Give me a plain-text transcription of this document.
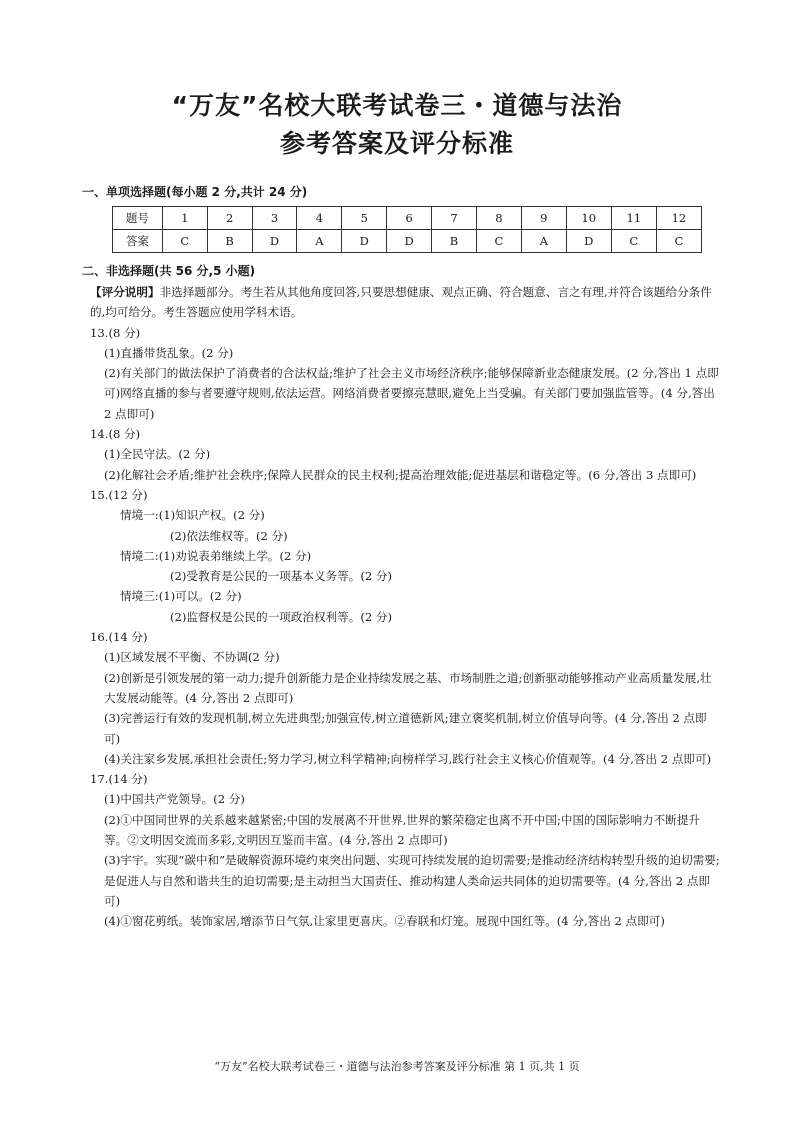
“万友”名校大联考试卷三・道德与法治
参考答案及评分标准
一、单项选择题(每小题 2 分,共计 24 分)
题号	1	2	3	4	5	6	7	8	9	10	11	12
答案	C	B	D	A	D	D	B	C	A	D	C	C
二、非选择题(共 56 分,5 小题)

【评分说明】非选择题部分。考生若从其他角度回答,只要思想健康、观点正确、符合题意、言之有理,并符合该题给分条件的,均可给分。考生答题应使用学科术语。

13.(8 分)

(1)直播带货乱象。(2 分)

(2)有关部门的做法保护了消费者的合法权益;维护了社会主义市场经济秩序;能够保障新业态健康发展。(2 分,答出 1 点即可)网络直播的参与者要遵守规则,依法运营。网络消费者要擦亮慧眼,避免上当受骗。有关部门要加强监管等。(4 分,答出 2 点即可)

14.(8 分)

(1)全民守法。(2 分)

(2)化解社会矛盾;维护社会秩序;保障人民群众的民主权利;提高治理效能;促进基层和谐稳定等。(6 分,答出 3 点即可)

15.(12 分)

情境一:(1)知识产权。(2 分)

(2)依法维权等。(2 分)

情境二:(1)劝说表弟继续上学。(2 分)

(2)受教育是公民的一项基本义务等。(2 分)

情境三:(1)可以。(2 分)

(2)监督权是公民的一项政治权利等。(2 分)

16.(14 分)

(1)区域发展不平衡、不协调(2 分)

(2)创新是引领发展的第一动力;提升创新能力是企业持续发展之基、市场制胜之道;创新驱动能够推动产业高质量发展,壮大发展动能等。(4 分,答出 2 点即可)

(3)完善运行有效的发现机制,树立先进典型;加强宣传,树立道德新风;建立褒奖机制,树立价值导向等。(4 分,答出 2 点即可)

(4)关注家乡发展,承担社会责任;努力学习,树立科学精神;向榜样学习,践行社会主义核心价值观等。(4 分,答出 2 点即可)

17.(14 分)

(1)中国共产党领导。(2 分)

(2)①中国同世界的关系越来越紧密;中国的发展离不开世界,世界的繁荣稳定也离不开中国;中国的国际影响力不断提升等。②文明因交流而多彩,文明因互鉴而丰富。(4 分,答出 2 点即可)

(3)宇宇。实现“碳中和”是破解资源环境约束突出问题、实现可持续发展的迫切需要;是推动经济结构转型升级的迫切需要;是促进人与自然和谐共生的迫切需要;是主动担当大国责任、推动构建人类命运共同体的迫切需要等。(4 分,答出 2 点即可)

(4)①窗花剪纸。装饰家居,增添节日气氛,让家里更喜庆。②春联和灯笼。展现中国红等。(4 分,答出 2 点即可)

“万友”名校大联考试卷三・道德与法治参考答案及评分标准 第 1 页,共 1 页
